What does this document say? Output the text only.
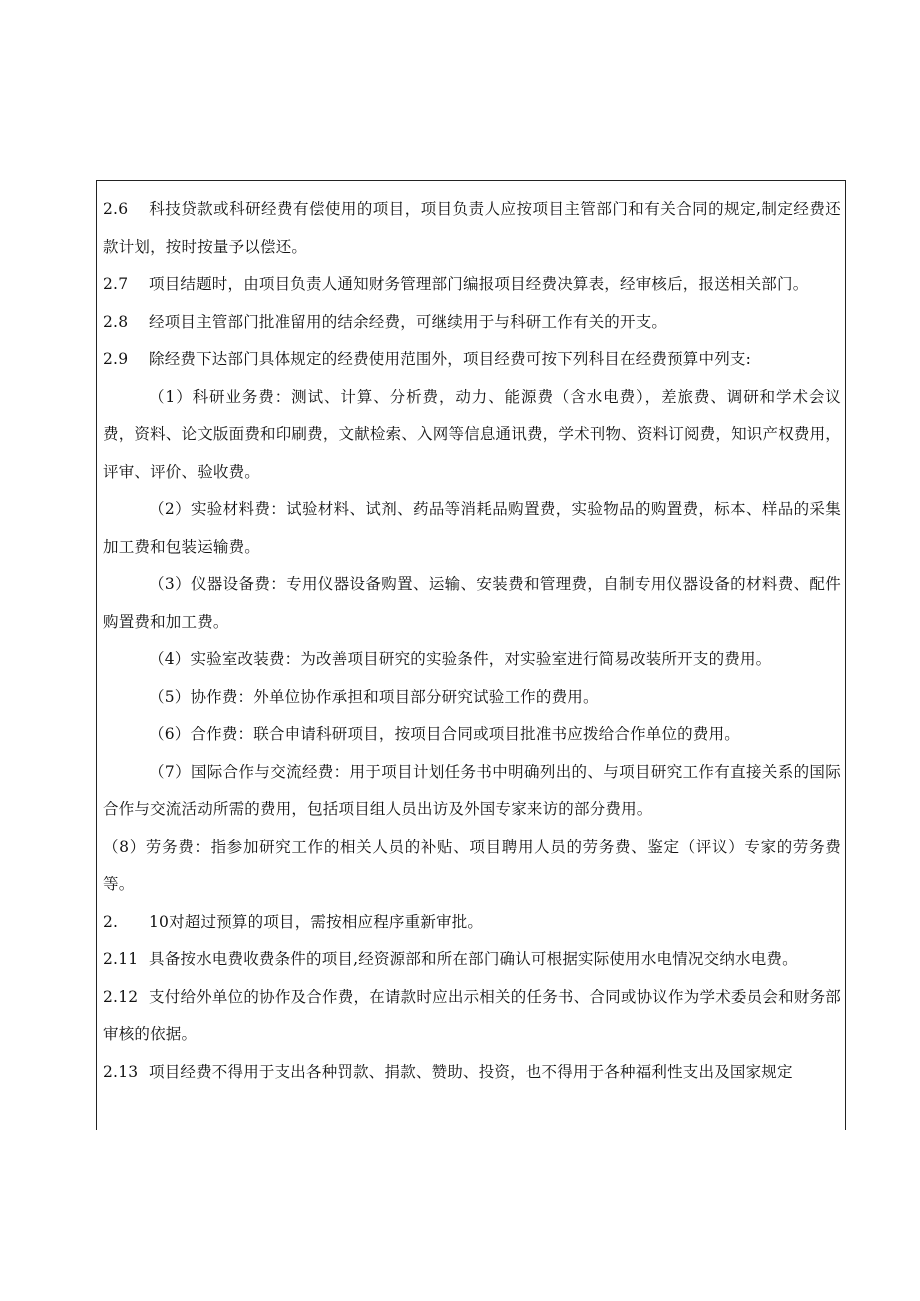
2.6 科技贷款或科研经费有偿使用的项目，项目负责人应按项目主管部门和有关合同的规定,制定经费还款计划，按时按量予以偿还。

2.7 项目结题时，由项目负责人通知财务管理部门编报项目经费决算表，经审核后，报送相关部门。

2.8 经项目主管部门批准留用的结余经费，可继续用于与科研工作有关的开支。

2.9 除经费下达部门具体规定的经费使用范围外，项目经费可按下列科目在经费预算中列支:

（1）科研业务费：测试、计算、分析费，动力、能源费（含水电费），差旅费、调研和学术会议费，资料、论文版面费和印刷费，文献检索、入网等信息通讯费，学术刊物、资料订阅费，知识产权费用，评审、评价、验收费。

（2）实验材料费：试验材料、试剂、药品等消耗品购置费，实验物品的购置费，标本、样品的采集加工费和包装运输费。

（3）仪器设备费：专用仪器设备购置、运输、安装费和管理费，自制专用仪器设备的材料费、配件购置费和加工费。

（4）实验室改装费：为改善项目研究的实验条件，对实验室进行简易改装所开支的费用。

（5）协作费：外单位协作承担和项目部分研究试验工作的费用。

（6）合作费：联合申请科研项目，按项目合同或项目批准书应拨给合作单位的费用。

（7）国际合作与交流经费：用于项目计划任务书中明确列出的、与项目研究工作有直接关系的国际合作与交流活动所需的费用，包括项目组人员出访及外国专家来访的部分费用。

（8）劳务费：指参加研究工作的相关人员的补贴、项目聘用人员的劳务费、鉴定（评议）专家的劳务费等。

2. 10对超过预算的项目，需按相应程序重新审批。

2.11 具备按水电费收费条件的项目,经资源部和所在部门确认可根据实际使用水电情况交纳水电费。

2.12 支付给外单位的协作及合作费，在请款时应出示相关的任务书、合同或协议作为学术委员会和财务部审核的依据。

2.13 项目经费不得用于支出各种罚款、捐款、赞助、投资，也不得用于各种福利性支出及国家规定
